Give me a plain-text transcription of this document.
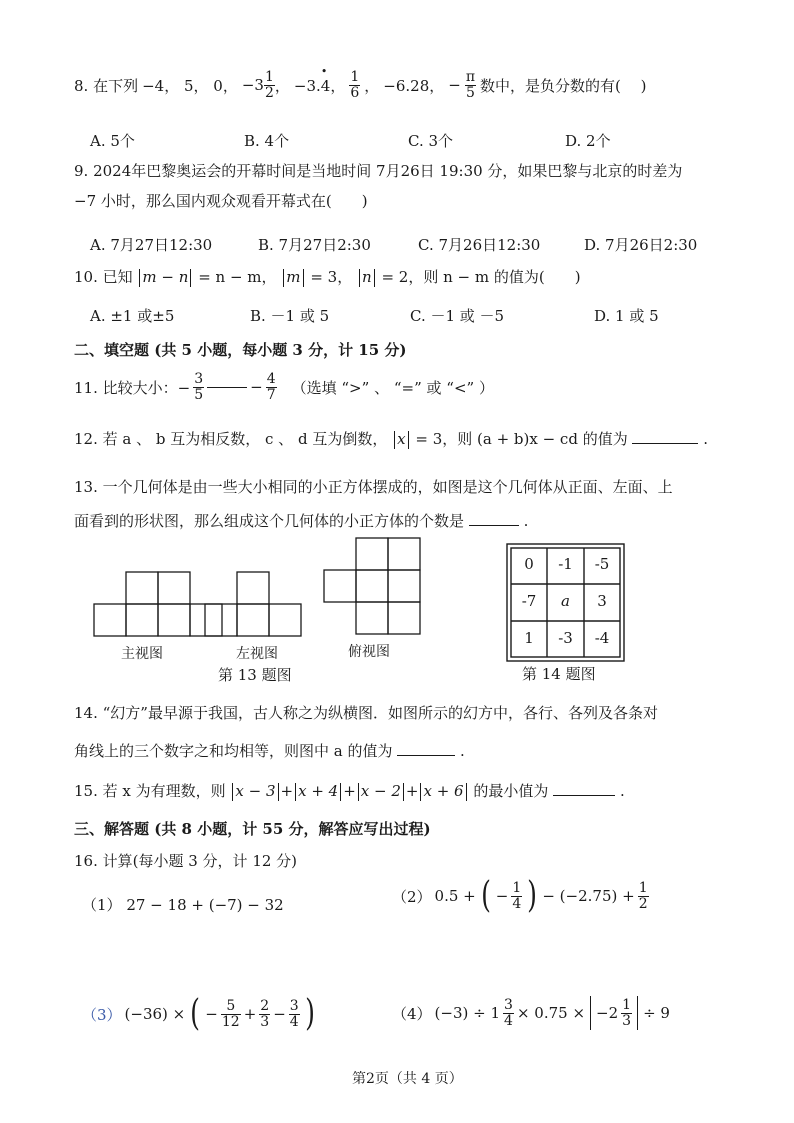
8. 在下列 −4， 5， 0， $-3 \frac{1}{2}$ ， −3.4，
• $\frac{1}{6}$ ， −6.28， − $\frac{\pi}{5}$ 数中，是负分数的有(　 )
A. 5个	B. 4个	C. 3个	D. 2个
9. 2024年巴黎奥运会的开幕时间是当地时间 7月26日 19:30 分，如果巴黎与北京的时差为
−7 小时，那么国内观众观看开幕式在(　　)
A. 7月27日12:30	B. 7月27日2:30	C. 7月26日12:30	D. 7月26日2:30
10. 已知 m − n = n − m， m = 3， n = 2，则 n − m 的值为(　　)
A. ±1 或±5	B. －1 或 5	C. －1 或 －5	D. 1 或 5
二、填空题 (共 5 小题，每小题 3 分，计 15 分)
11. 比较大小：− $\frac{3}{5}$	− $\frac{4}{7}$ （选填 “>” 、 “=” 或 “<” ）
12. 若 a 、 b 互为相反数， c 、 d 互为倒数， x = 3，则 (a + b)x − cd 的值为	.
13. 一个几何体是由一些大小相同的小正方体摆成的，如图是这个几何体从正面、左面、上
面看到的形状图，那么组成这个几何体的小正方体的个数是	.
主视图	左视图	俯视图
第 13 题图	第 14 题图
0	-1	-5
-7	a	3
1	-3	-4
14. “幻方”最早源于我国，古人称之为纵横图．如图所示的幻方中，各行、各列及各条对
角线上的三个数字之和均相等，则图中 a 的值为	.
15. 若 x 为有理数，则 x − 3 + x + 4 + x − 2 + x + 6 的最小值为	.
三、解答题 (共 8 小题，计 55 分，解答应写出过程)
16. 计算(每小题 3 分，计 12 分)
（1） 27 − 18 + (−7) − 32	（2） 0.5 + ( − $\frac{1}{4}$ ) − $(-2.75) + \frac{1}{2}$
（3） (−36) × ( − $\frac{5}{12} + \frac{2}{3} - \frac{3}{4}$ )	（4） $(-3) \div 1 \frac{3}{4} \times 0.75 \times -2 \frac{1}{3} \div 9$
第2页（共 4 页）
